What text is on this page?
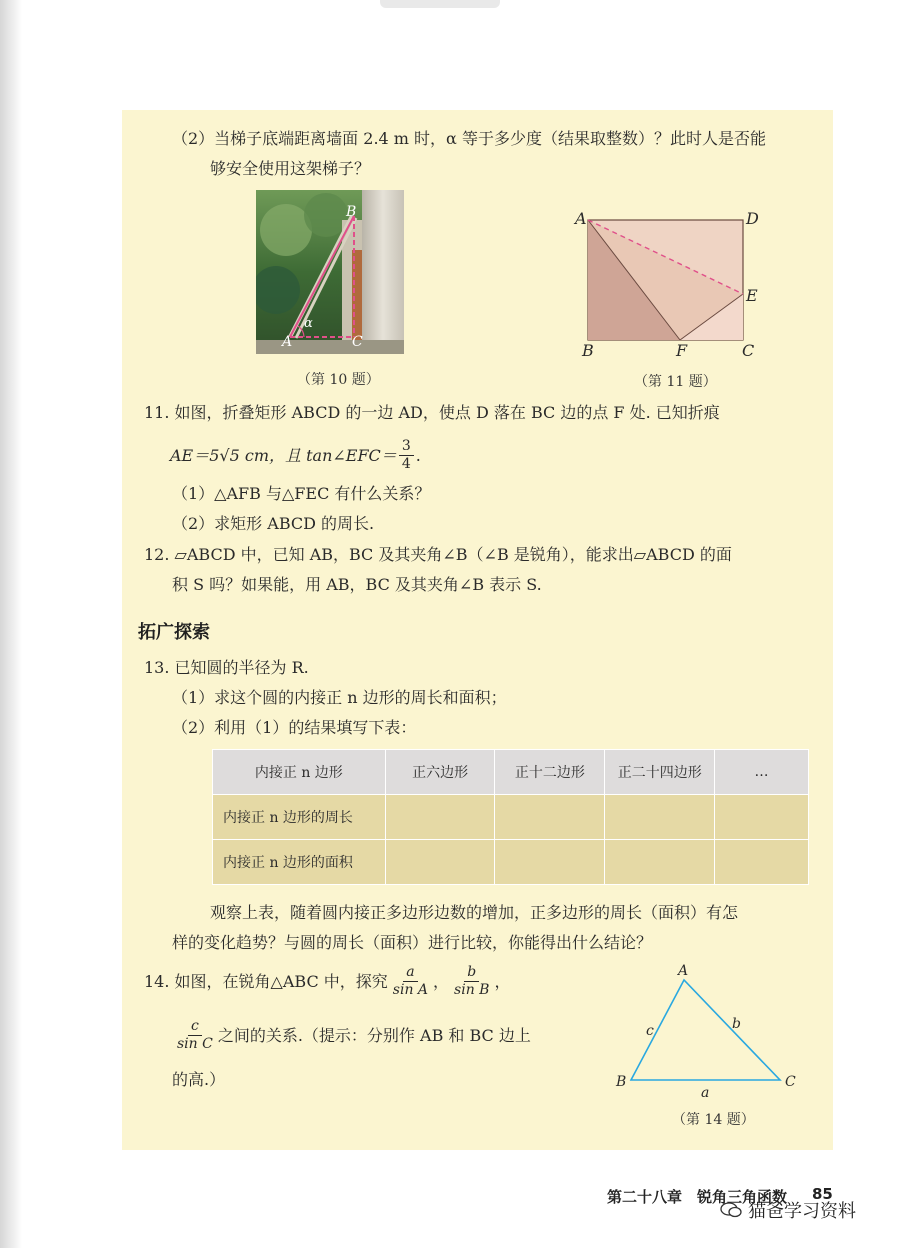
（2）当梯子底端距离墙面 2.4 m 时，α 等于多少度（结果取整数）？此时人是否能
够安全使用这架梯子？
B
A	C
α
（第 10 题）
A	D
E
B	F	C
（第 11 题）
11. 如图，折叠矩形 ABCD 的一边 AD，使点 D 落在 BC 边的点 F 处. 已知折痕
AE＝5√5 cm，且 tan∠EFC＝ $\frac{3}{4}$ .
（1）△AFB 与△FEC 有什么关系？
（2）求矩形 ABCD 的周长.
12. ▱ABCD 中，已知 AB，BC 及其夹角∠B（∠B 是锐角），能求出▱ABCD 的面
积 S 吗？如果能，用 AB，BC 及其夹角∠B 表示 S.
拓广探索
13. 已知圆的半径为 R.
（1）求这个圆的内接正 n 边形的周长和面积；
（2）利用（1）的结果填写下表：
内接正 n 边形	正六边形	正十二边形	正二十四边形	…
内接正 n 边形的周长				
内接正 n 边形的面积				
观察上表，随着圆内接正多边形边数的增加，正多边形的周长（面积）有怎
样的变化趋势？与圆的周长（面积）进行比较，你能得出什么结论？
14. 如图，在锐角△ABC 中，探究 $\frac{a}{\text{sin A}}$ ， $\frac{b}{\text{sin B}}$ ，
$\frac{c}{\text{sin C}}$ 之间的关系.（提示：分别作 AB 和 BC 边上
的高.）
A
B	C
a
b
c
（第 14 题）
第二十八章　锐角三角函数 85
猫爸学习资料
